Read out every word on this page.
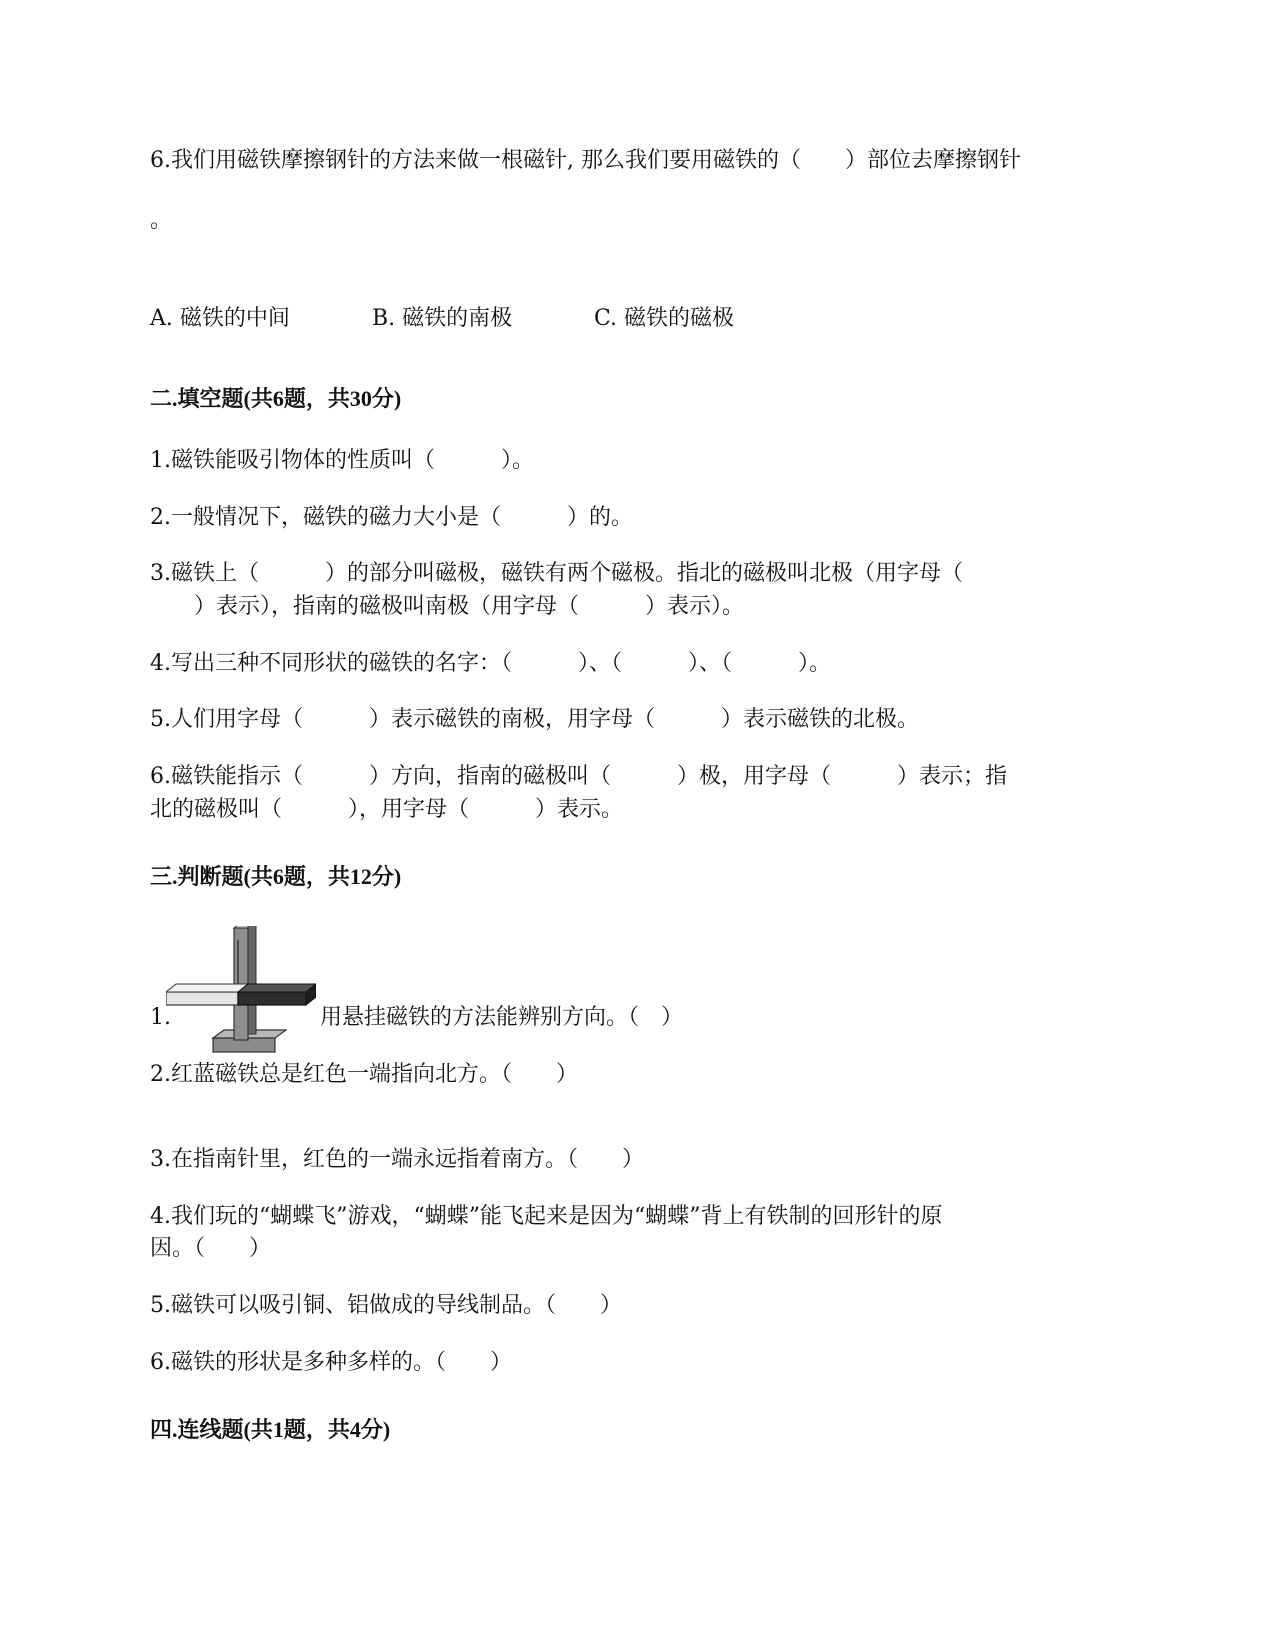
6.我们用磁铁摩擦钢针的方法来做一根磁针, 那么我们要用磁铁的（　　）部位去摩擦钢针
。
A. 磁铁的中间	B. 磁铁的南极	C. 磁铁的磁极
二.填空题(共6题，共30分)
1.磁铁能吸引物体的性质叫（　　　）。
2.一般情况下，磁铁的磁力大小是（　　　）的。
3.磁铁上（　　　）的部分叫磁极，磁铁有两个磁极。指北的磁极叫北极（用字母（
　　）表示），指南的磁极叫南极（用字母（　　　）表示）。
4.写出三种不同形状的磁铁的名字：（　　　）、（　　　）、（　　　）。
5.人们用字母（　　　）表示磁铁的南极，用字母（　　　）表示磁铁的北极。
6.磁铁能指示（　　　）方向，指南的磁极叫（　　　）极，用字母（　　　）表示；指
北的磁极叫（　　　），用字母（　　　）表示。
三.判断题(共6题，共12分)
1.	用悬挂磁铁的方法能辨别方向。（　）
2.红蓝磁铁总是红色一端指向北方。（　　）
3.在指南针里，红色的一端永远指着南方。（　　）
4.我们玩的“蝴蝶飞”游戏，“蝴蝶”能飞起来是因为“蝴蝶”背上有铁制的回形针的原
因。（　　）
5.磁铁可以吸引铜、铝做成的导线制品。（　　）
6.磁铁的形状是多种多样的。（　　）
四.连线题(共1题，共4分)
